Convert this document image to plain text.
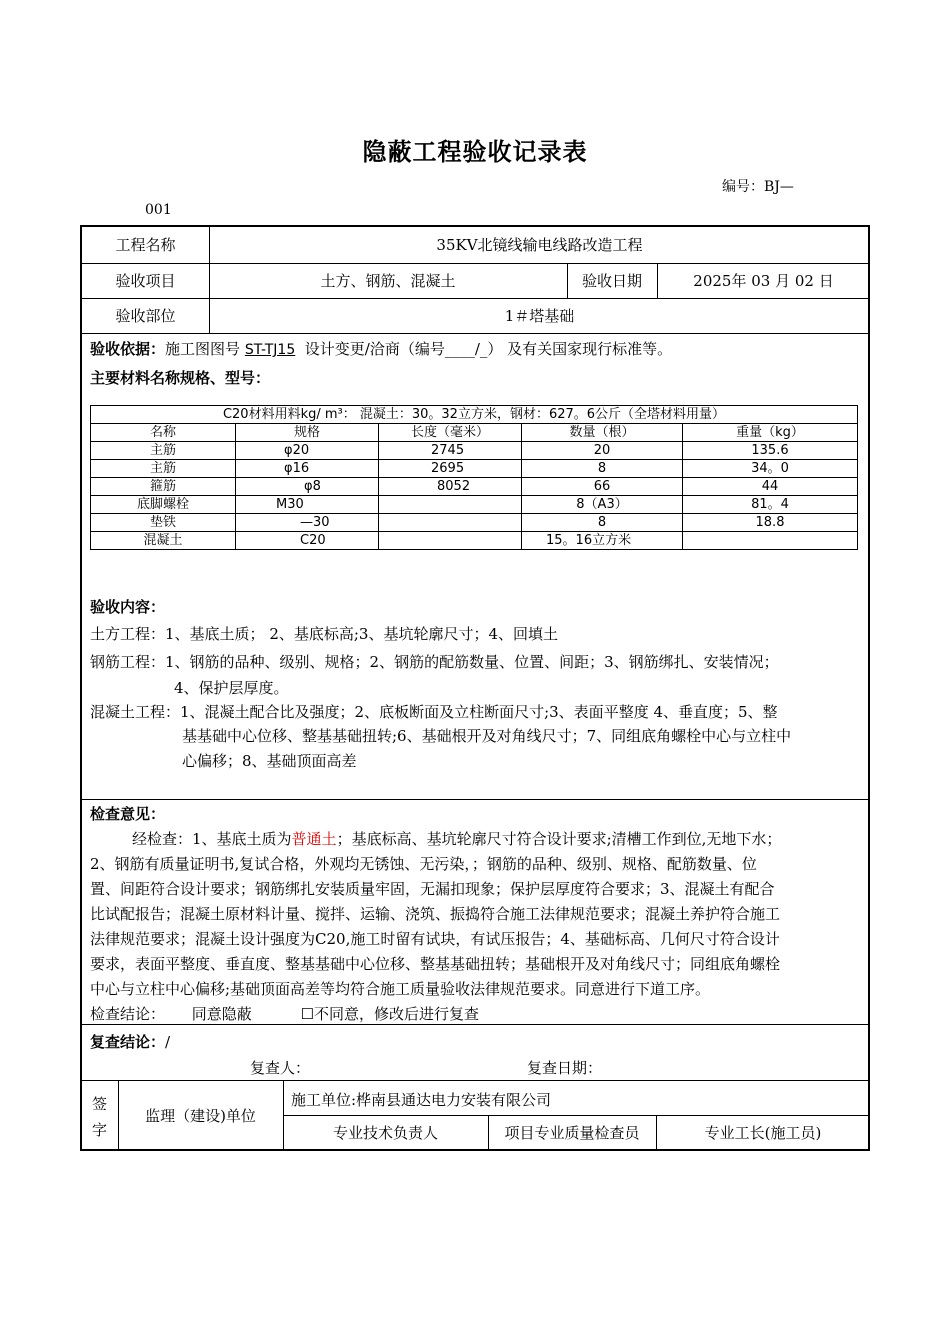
隐蔽工程验收记录表
编号：BJ—
001
工程名称	35KV北镜线输电线路改造工程
验收项目	土方、钢筋、混凝土	验收日期	2025年 03 月 02 日
验收部位	1＃塔基础
验收依据：施工图图号 ST-TJ15 设计变更/洽商（编号____/_） 及有关国家现行标准等。
主要材料名称规格、型号：
C20材料用料kg/ m³： 混凝土：30。32立方米，钢材：627。6公斤（全塔材料用量）				
名称	规格	长度（毫米）	数量（根）	重量（kg）
主筋	φ20	2745	20	135.6
主筋	φ16	2695	8	34。0
箍筋	φ8	8052	66	44
底脚螺栓	M30		8（A3）	81。4
垫铁	—30		8	18.8
混凝土	C20		15。16立方米	
验收内容：
土方工程：1、基底土质； 2、基底标高;3、基坑轮廓尺寸；4、回填土
钢筋工程：1、钢筋的品种、级别、规格；2、钢筋的配筋数量、位置、间距；3、钢筋绑扎、安装情况；
4、保护层厚度。
混凝土工程：1、混凝土配合比及强度；2、底板断面及立柱断面尺寸;3、表面平整度 4、垂直度；5、整
基基础中心位移、整基基础扭转;6、基础根开及对角线尺寸；7、同组底角螺栓中心与立柱中
心偏移；8、基础顶面高差
检查意见：
经检查：1、基底土质为普通土；基底标高、基坑轮廓尺寸符合设计要求;清槽工作到位,无地下水；
2、钢筋有质量证明书,复试合格，外观均无锈蚀、无污染，；钢筋的品种、级别、规格、配筋数量、位
置、间距符合设计要求；钢筋绑扎安装质量牢固，无漏扣现象；保护层厚度符合要求；3、混凝土有配合
比试配报告；混凝土原材料计量、搅拌、运输、浇筑、振捣符合施工法律规范要求；混凝土养护符合施工
法律规范要求；混凝土设计强度为C20,施工时留有试块，有试压报告；4、基础标高、几何尺寸符合设计
要求，表面平整度、垂直度、整基基础中心位移、整基基础扭转；基础根开及对角线尺寸；同组底角螺栓
中心与立柱中心偏移;基础顶面高差等均符合施工质量验收法律规范要求。同意进行下道工序。
检查结论： 同意隐蔽	☐不同意，修改后进行复查
复查结论：/
复查人：	复查日期：
签
字
监理（建设)单位
施工单位:桦南县通达电力安装有限公司
专业技术负责人	项目专业质量检查员	专业工长(施工员)
